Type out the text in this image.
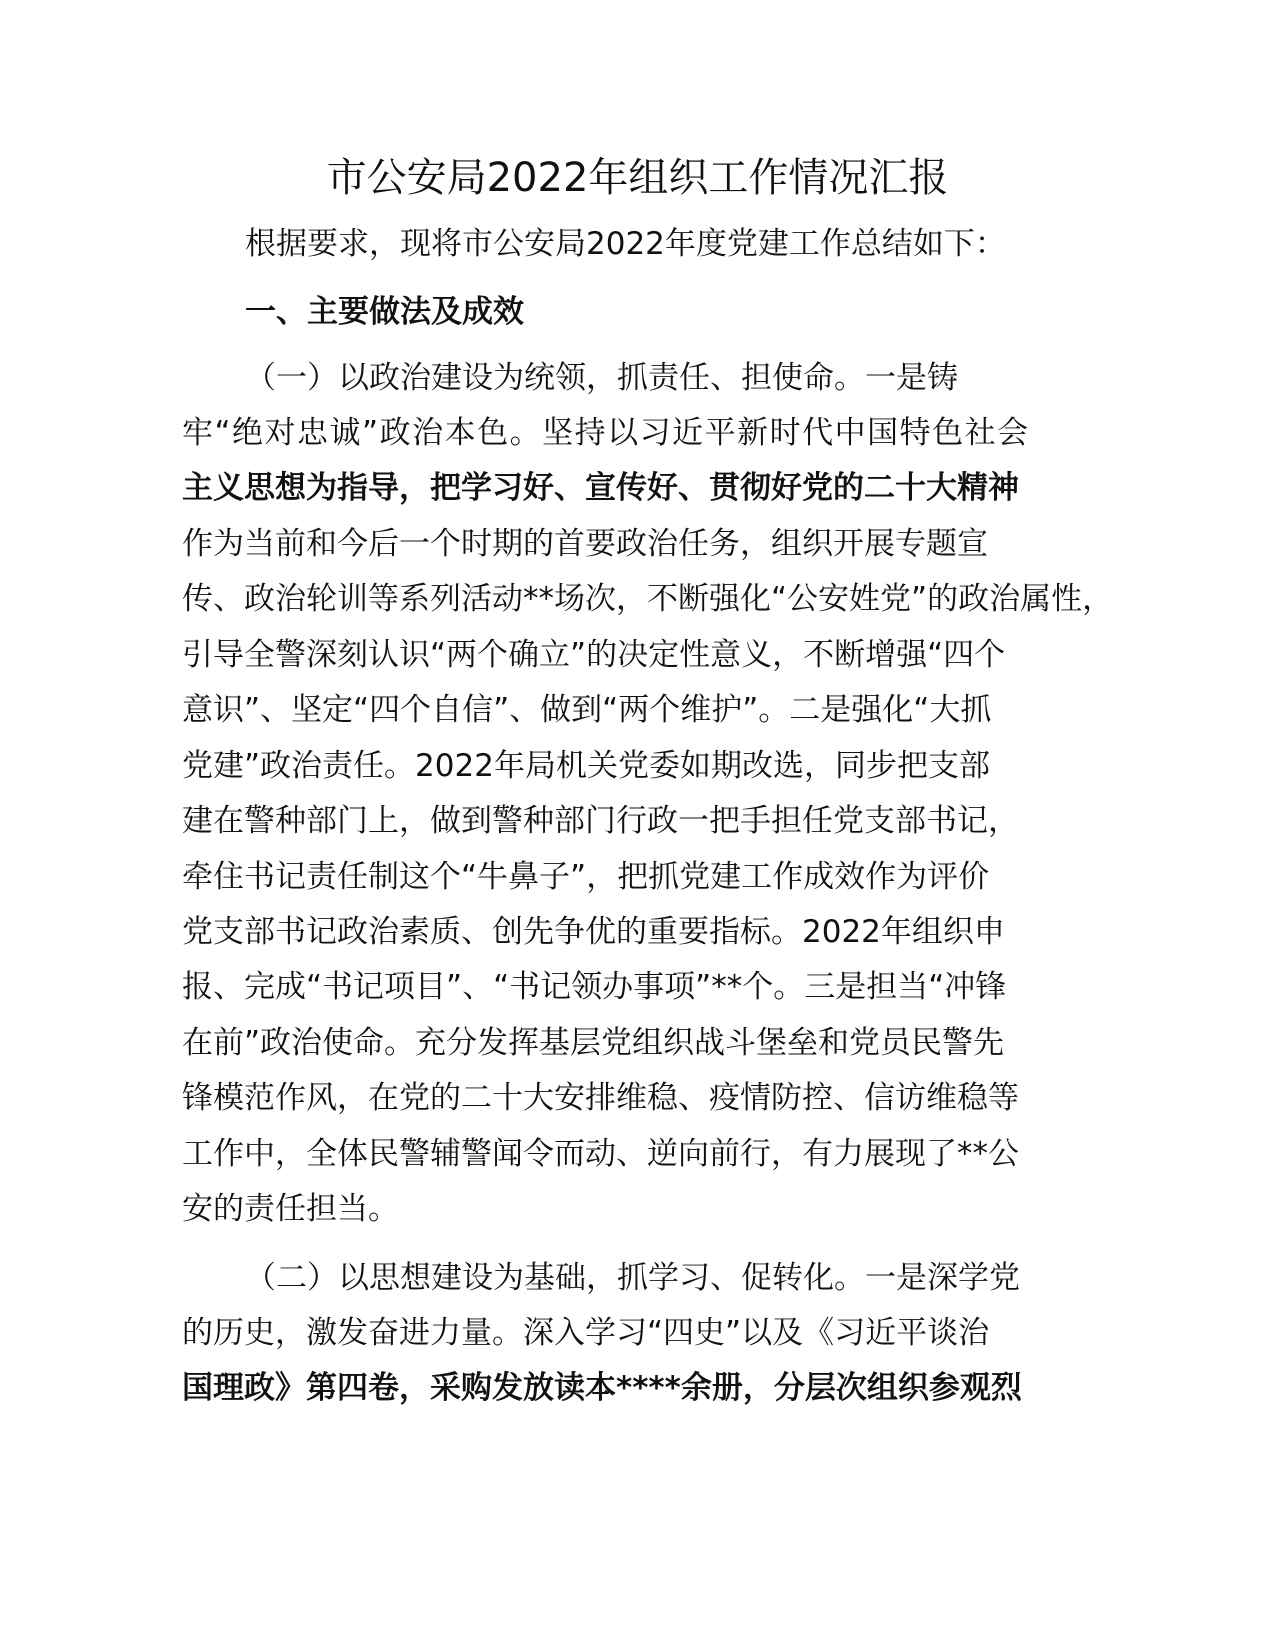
市公安局2022年组织工作情况汇报

根据要求，现将市公安局2022年度党建工作总结如下：

一、主要做法及成效

（一）以政治建设为统领，抓责任、担使命。一是铸

牢“绝对忠诚”政治本色。坚持以习近平新时代中国特色社会

主义思想为指导，把学习好、宣传好、贯彻好党的二十大精神

作为当前和今后一个时期的首要政治任务，组织开展专题宣

传、政治轮训等系列活动**场次，不断强化“公安姓党”的政治属性，

引导全警深刻认识“两个确立”的决定性意义，不断增强“四个

意识”、坚定“四个自信”、做到“两个维护”。二是强化“大抓

党建”政治责任。2022年局机关党委如期改选，同步把支部

建在警种部门上，做到警种部门行政一把手担任党支部书记，

牵住书记责任制这个“牛鼻子”，把抓党建工作成效作为评价

党支部书记政治素质、创先争优的重要指标。2022年组织申

报、完成“书记项目”、“书记领办事项”**个。三是担当“冲锋

在前”政治使命。充分发挥基层党组织战斗堡垒和党员民警先

锋模范作风，在党的二十大安排维稳、疫情防控、信访维稳等

工作中，全体民警辅警闻令而动、逆向前行，有力展现了**公

安的责任担当。

（二）以思想建设为基础，抓学习、促转化。一是深学党

的历史，激发奋进力量。深入学习“四史”以及《习近平谈治

国理政》第四卷，采购发放读本****余册，分层次组织参观烈
